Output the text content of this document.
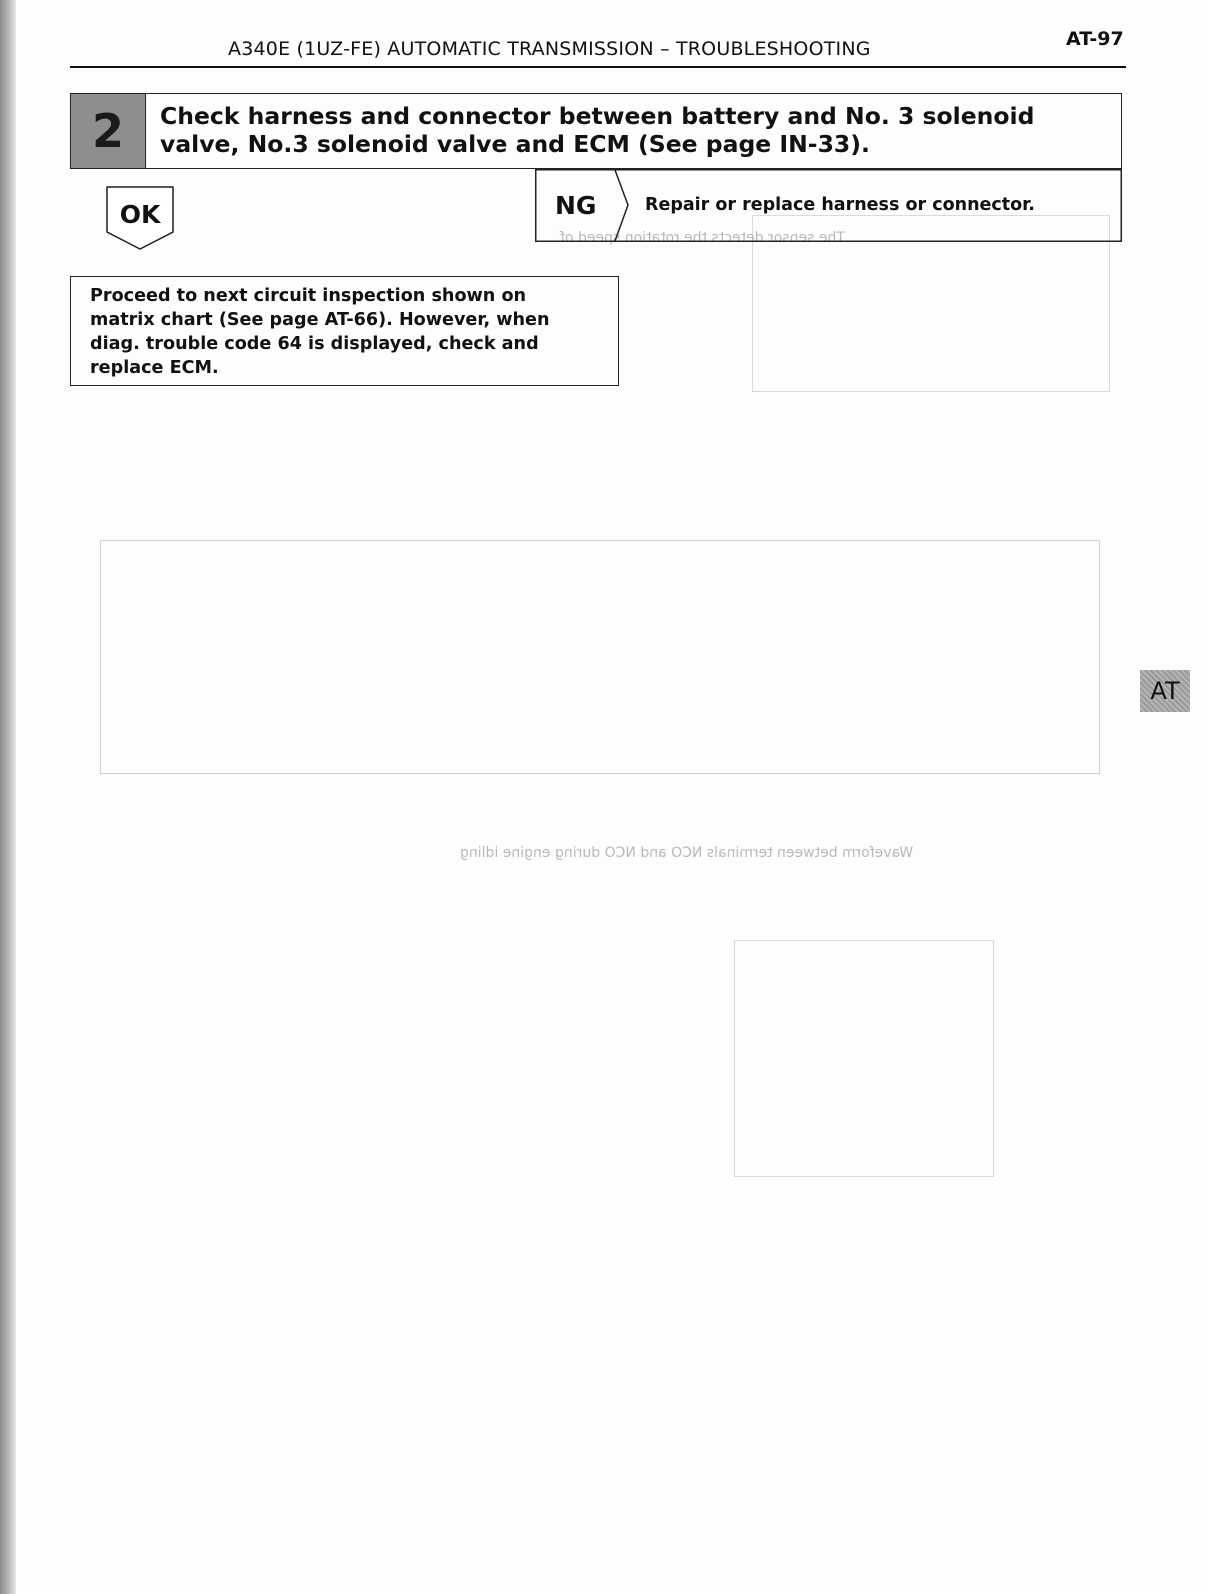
The sensor detects the rotation speed of
Waveform between terminals NCO and NCO during engine idling
A340E (1UZ-FE) AUTOMATIC TRANSMISSION – TROUBLESHOOTING	AT-97
2	Check harness and connector between battery and No. 3 solenoid
valve, No.3 solenoid valve and ECM (See page IN-33).
OK	NG	Repair or replace harness or connector.
Proceed to next circuit inspection shown on
matrix chart (See page AT-66). However, when
diag. trouble code 64 is displayed, check and
replace ECM.
AT
